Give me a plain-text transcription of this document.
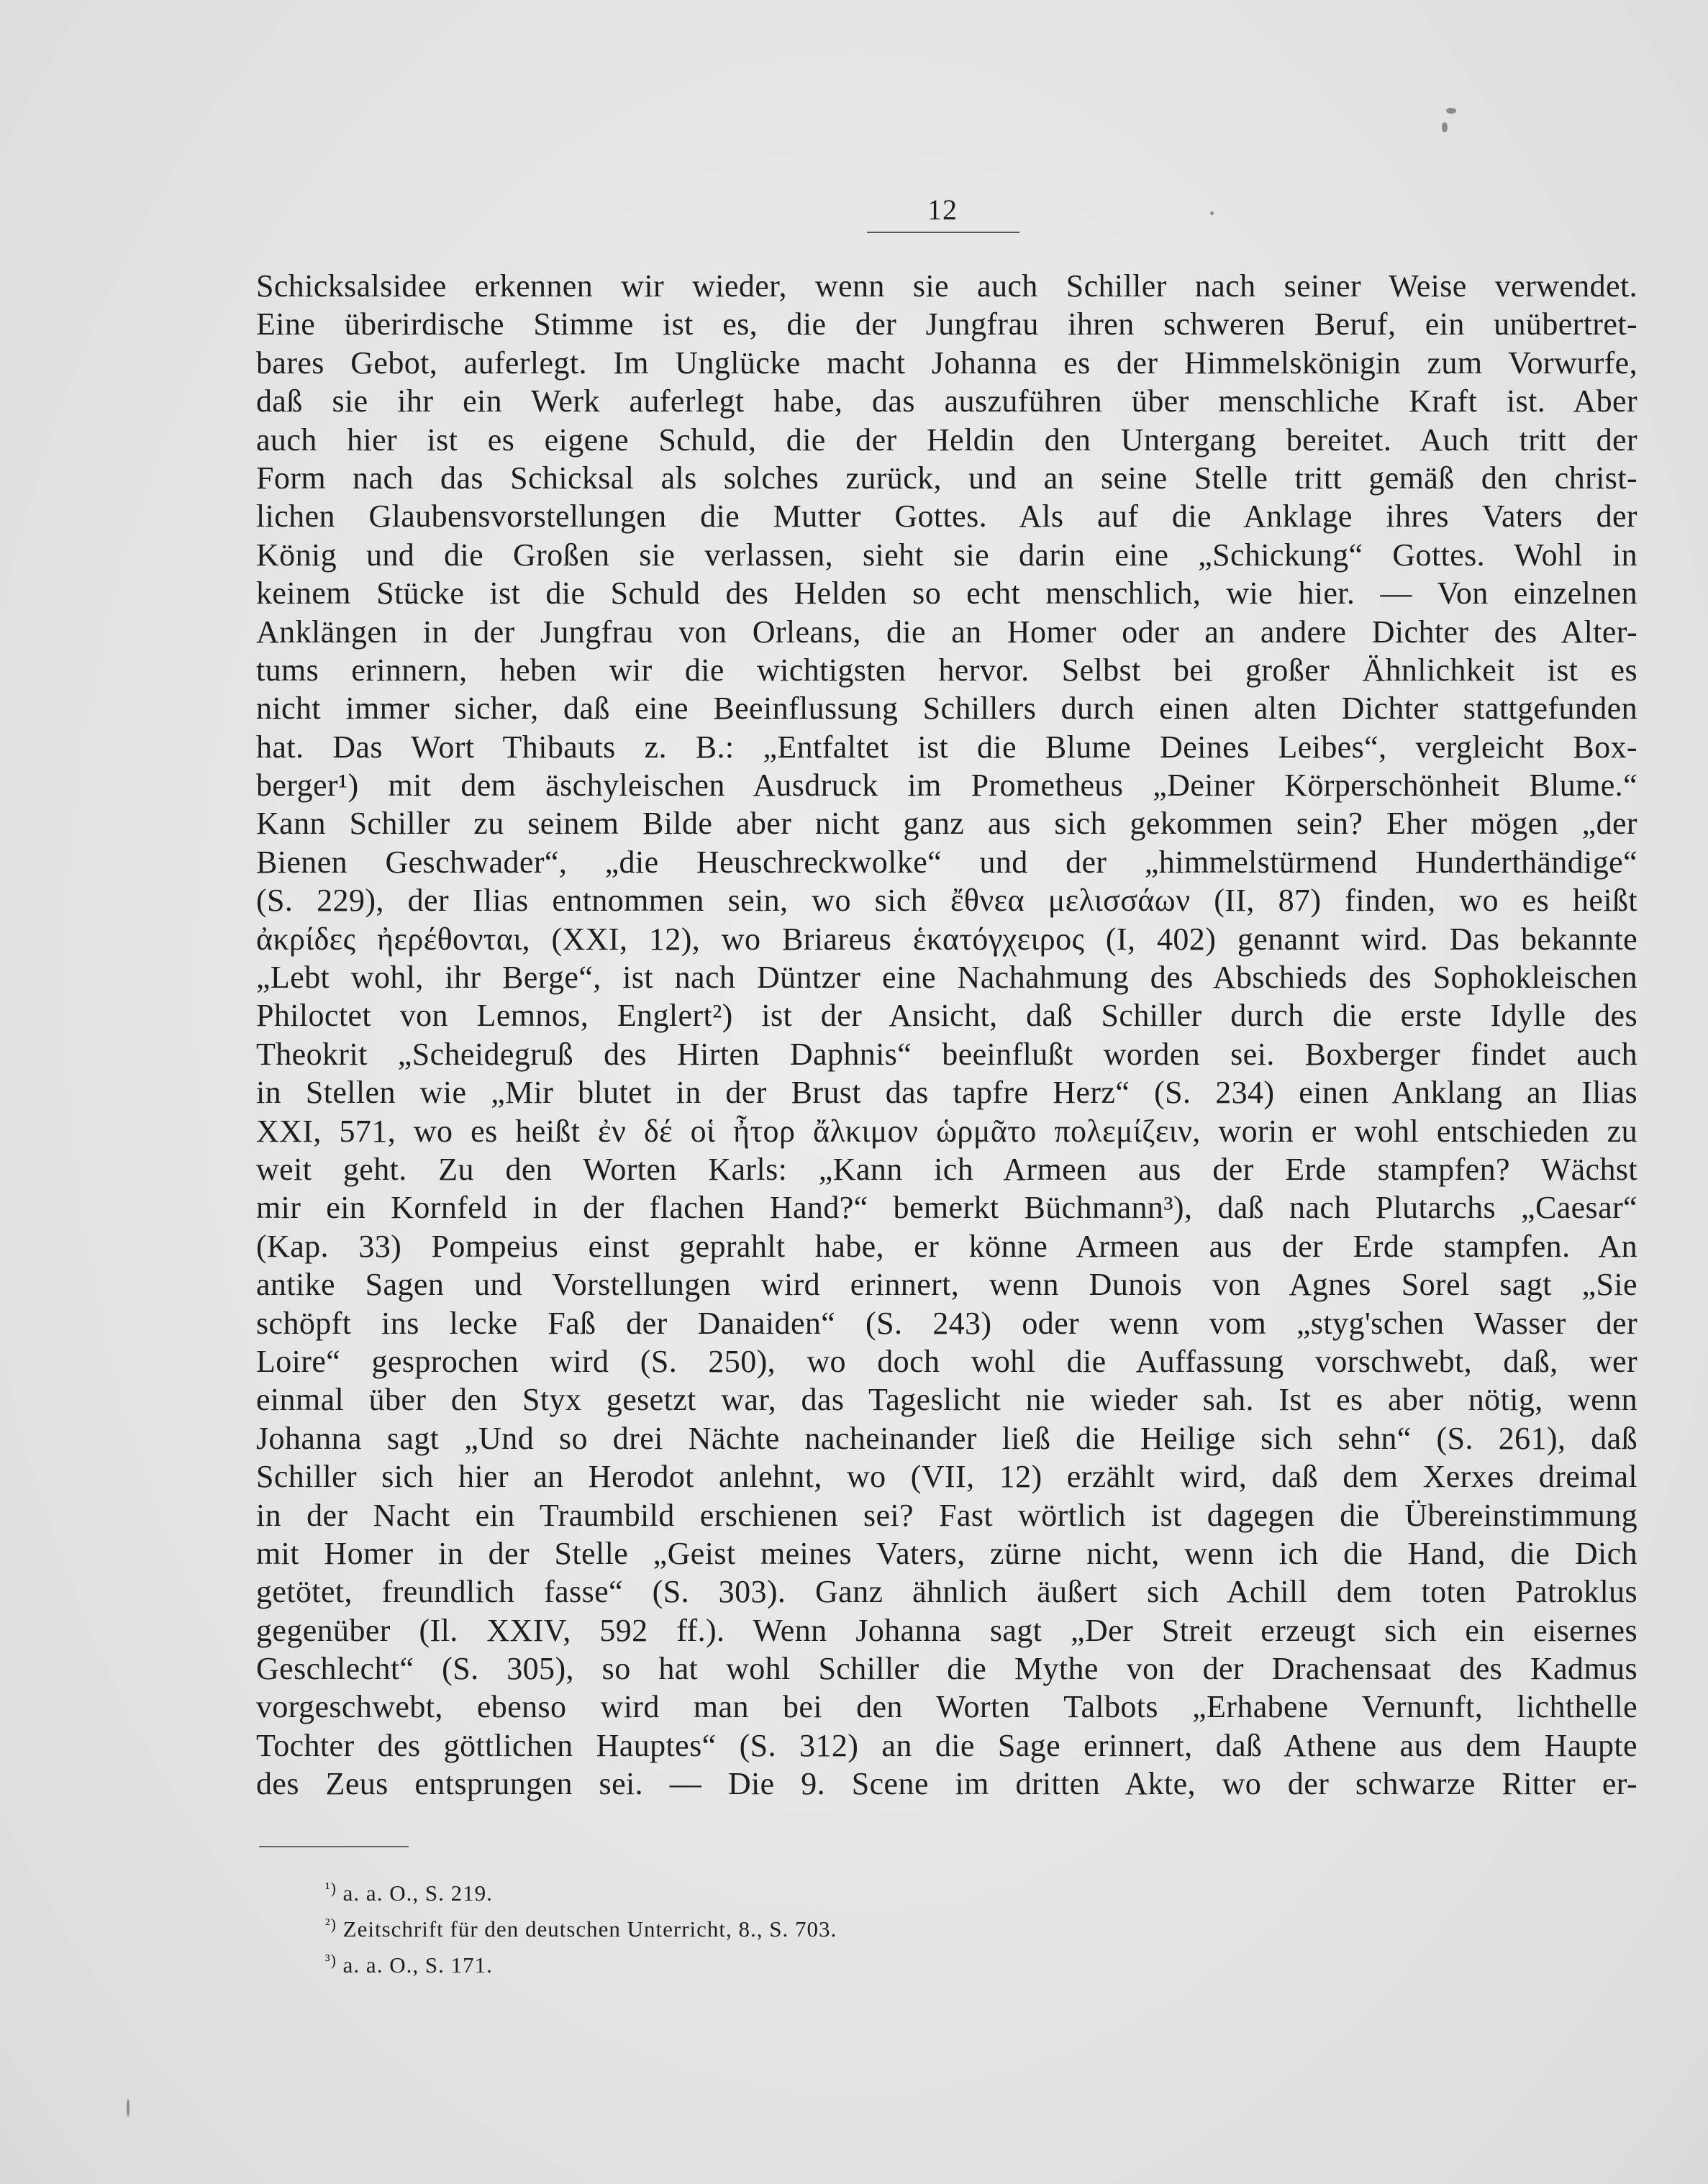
12
Schicksalsidee erkennen wir wieder, wenn sie auch Schiller nach seiner Weise verwendet.
Eine überirdische Stimme ist es, die der Jungfrau ihren schweren Beruf, ein unübertret-
bares Gebot, auferlegt. Im Unglücke macht Johanna es der Himmelskönigin zum Vorwurfe,
daß sie ihr ein Werk auferlegt habe, das auszuführen über menschliche Kraft ist. Aber
auch hier ist es eigene Schuld, die der Heldin den Untergang bereitet. Auch tritt der
Form nach das Schicksal als solches zurück, und an seine Stelle tritt gemäß den christ-
lichen Glaubensvorstellungen die Mutter Gottes. Als auf die Anklage ihres Vaters der
König und die Großen sie verlassen, sieht sie darin eine „Schickung“ Gottes. Wohl in
keinem Stücke ist die Schuld des Helden so echt menschlich, wie hier. — Von einzelnen
Anklängen in der Jungfrau von Orleans, die an Homer oder an andere Dichter des Alter-
tums erinnern, heben wir die wichtigsten hervor. Selbst bei großer Ähnlichkeit ist es
nicht immer sicher, daß eine Beeinflussung Schillers durch einen alten Dichter stattgefunden
hat. Das Wort Thibauts z. B.: „Entfaltet ist die Blume Deines Leibes“, vergleicht Box-
berger¹) mit dem äschyleischen Ausdruck im Prometheus „Deiner Körperschönheit Blume.“
Kann Schiller zu seinem Bilde aber nicht ganz aus sich gekommen sein? Eher mögen „der
Bienen Geschwader“, „die Heuschreckwolke“ und der „himmelstürmend Hunderthändige“
(S. 229), der Ilias entnommen sein, wo sich ἔθνεα μελισσάων (II, 87) finden, wo es heißt
ἀκρίδες ἠερέθονται, (XXI, 12), wo Briareus ἑκατόγχειρος (I, 402) genannt wird. Das bekannte
„Lebt wohl, ihr Berge“, ist nach Düntzer eine Nachahmung des Abschieds des Sophokleischen
Philoctet von Lemnos, Englert²) ist der Ansicht, daß Schiller durch die erste Idylle des
Theokrit „Scheidegruß des Hirten Daphnis“ beeinflußt worden sei. Boxberger findet auch
in Stellen wie „Mir blutet in der Brust das tapfre Herz“ (S. 234) einen Anklang an Ilias
XXI, 571, wo es heißt ἐν δέ οἱ ἦτορ ἄλκιμον ὡρμᾶτο πολεμίζειν, worin er wohl entschieden zu
weit geht. Zu den Worten Karls: „Kann ich Armeen aus der Erde stampfen? Wächst
mir ein Kornfeld in der flachen Hand?“ bemerkt Büchmann³), daß nach Plutarchs „Caesar“
(Kap. 33) Pompeius einst geprahlt habe, er könne Armeen aus der Erde stampfen. An
antike Sagen und Vorstellungen wird erinnert, wenn Dunois von Agnes Sorel sagt „Sie
schöpft ins lecke Faß der Danaiden“ (S. 243) oder wenn vom „styg'schen Wasser der
Loire“ gesprochen wird (S. 250), wo doch wohl die Auffassung vorschwebt, daß, wer
einmal über den Styx gesetzt war, das Tageslicht nie wieder sah. Ist es aber nötig, wenn
Johanna sagt „Und so drei Nächte nacheinander ließ die Heilige sich sehn“ (S. 261), daß
Schiller sich hier an Herodot anlehnt, wo (VII, 12) erzählt wird, daß dem Xerxes dreimal
in der Nacht ein Traumbild erschienen sei? Fast wörtlich ist dagegen die Übereinstimmung
mit Homer in der Stelle „Geist meines Vaters, zürne nicht, wenn ich die Hand, die Dich
getötet, freundlich fasse“ (S. 303). Ganz ähnlich äußert sich Achill dem toten Patroklus
gegenüber (Il. XXIV, 592 ff.). Wenn Johanna sagt „Der Streit erzeugt sich ein eisernes
Geschlecht“ (S. 305), so hat wohl Schiller die Mythe von der Drachensaat des Kadmus
vorgeschwebt, ebenso wird man bei den Worten Talbots „Erhabene Vernunft, lichthelle
Tochter des göttlichen Hauptes“ (S. 312) an die Sage erinnert, daß Athene aus dem Haupte
des Zeus entsprungen sei. — Die 9. Scene im dritten Akte, wo der schwarze Ritter er-
$^{^1)}$ a. a. O., S. 219.
$^{^2)}$ Zeitschrift für den deutschen Unterricht, 8., S. 703.
$^{^3)}$ a. a. O., S. 171.
